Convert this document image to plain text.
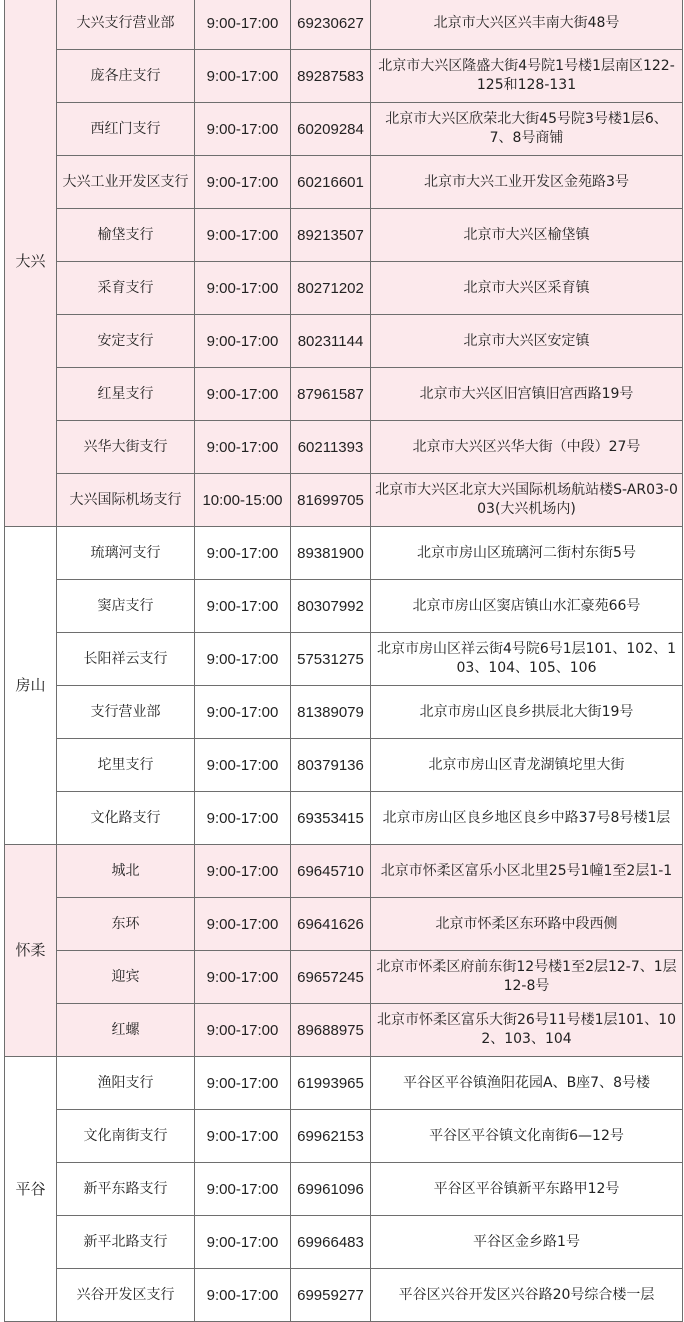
大兴	大兴支行营业部	9:00-17:00	69230627	北京市大兴区兴丰南大街48号
	庞各庄支行	9:00-17:00	89287583	北京市大兴区隆盛大街4号院1号楼1层南区122-125和128-131
	西红门支行	9:00-17:00	60209284	北京市大兴区欣荣北大街45号院3号楼1层6、7、8号商铺
	大兴工业开发区支行	9:00-17:00	60216601	北京市大兴工业开发区金苑路3号
	榆垡支行	9:00-17:00	89213507	北京市大兴区榆垡镇
	采育支行	9:00-17:00	80271202	北京市大兴区采育镇
	安定支行	9:00-17:00	80231144	北京市大兴区安定镇
	红星支行	9:00-17:00	87961587	北京市大兴区旧宫镇旧宫西路19号
	兴华大街支行	9:00-17:00	60211393	北京市大兴区兴华大街（中段）27号
	大兴国际机场支行	10:00-15:00	81699705	北京市大兴区北京大兴国际机场航站楼S-AR03-003(大兴机场内)
房山	琉璃河支行	9:00-17:00	89381900	北京市房山区琉璃河二街村东街5号
	窦店支行	9:00-17:00	80307992	北京市房山区窦店镇山水汇豪苑66号
	长阳祥云支行	9:00-17:00	57531275	北京市房山区祥云街4号院6号1层101、102、103、104、105、106
	支行营业部	9:00-17:00	81389079	北京市房山区良乡拱辰北大街19号
	坨里支行	9:00-17:00	80379136	北京市房山区青龙湖镇坨里大街
	文化路支行	9:00-17:00	69353415	北京市房山区良乡地区良乡中路37号8号楼1层
怀柔	城北	9:00-17:00	69645710	北京市怀柔区富乐小区北里25号1幢1至2层1-1
	东环	9:00-17:00	69641626	北京市怀柔区东环路中段西侧
	迎宾	9:00-17:00	69657245	北京市怀柔区府前东街12号楼1至2层12-7、1层12-8号
	红螺	9:00-17:00	89688975	北京市怀柔区富乐大街26号11号楼1层101、102、103、104
平谷	渔阳支行	9:00-17:00	61993965	平谷区平谷镇渔阳花园A、B座7、8号楼
	文化南街支行	9:00-17:00	69962153	平谷区平谷镇文化南街6—12号
	新平东路支行	9:00-17:00	69961096	平谷区平谷镇新平东路甲12号
	新平北路支行	9:00-17:00	69966483	平谷区金乡路1号
	兴谷开发区支行	9:00-17:00	69959277	平谷区兴谷开发区兴谷路20号综合楼一层
